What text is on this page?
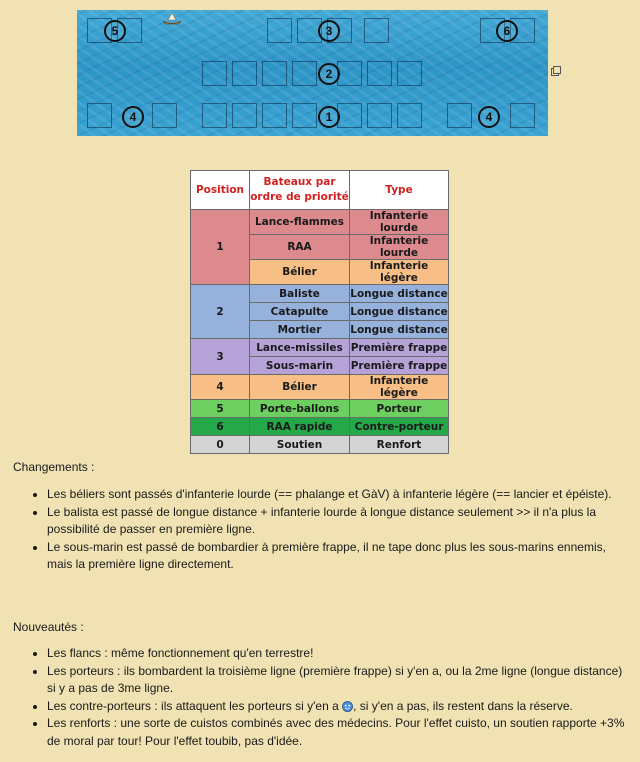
5	3	6
2
4	1	4
Position	Bateaux par ordre de priorité	Type
1	Lance-flammes	Infanterie lourde
	RAA	Infanterie lourde
	Bélier	Infanterie légère
2	Baliste	Longue distance
	Catapulte	Longue distance
	Mortier	Longue distance
3	Lance-missiles	Première frappe
	Sous-marin	Première frappe
4	Bélier	Infanterie légère
5	Porte-ballons	Porteur
6	RAA rapide	Contre-porteur
0	Soutien	Renfort

Changements :

• Les béliers sont passés d'infanterie lourde (== phalange et GàV) à infanterie légère (== lancier et épéiste).
• Le balista est passé de longue distance + infanterie lourde à longue distance seulement >> il n'a plus la possibilité de passer en première ligne.
• Le sous-marin est passé de bombardier à première frappe, il ne tape donc plus les sous-marins ennemis, mais la première ligne directement.

Nouveautés :

• Les flancs : même fonctionnement qu'en terrestre!
• Les porteurs : ils bombardent la troisième ligne (première frappe) si y'en a, ou la 2me ligne (longue distance) si y a pas de 3me ligne.
• Les contre-porteurs : ils attaquent les porteurs si y'en a , si y'en a pas, ils restent dans la réserve.
• Les renforts : une sorte de cuistos combinés avec des médecins. Pour l'effet cuisto, un soutien rapporte +3% de moral par tour! Pour l'effet toubib, pas d'idée.
